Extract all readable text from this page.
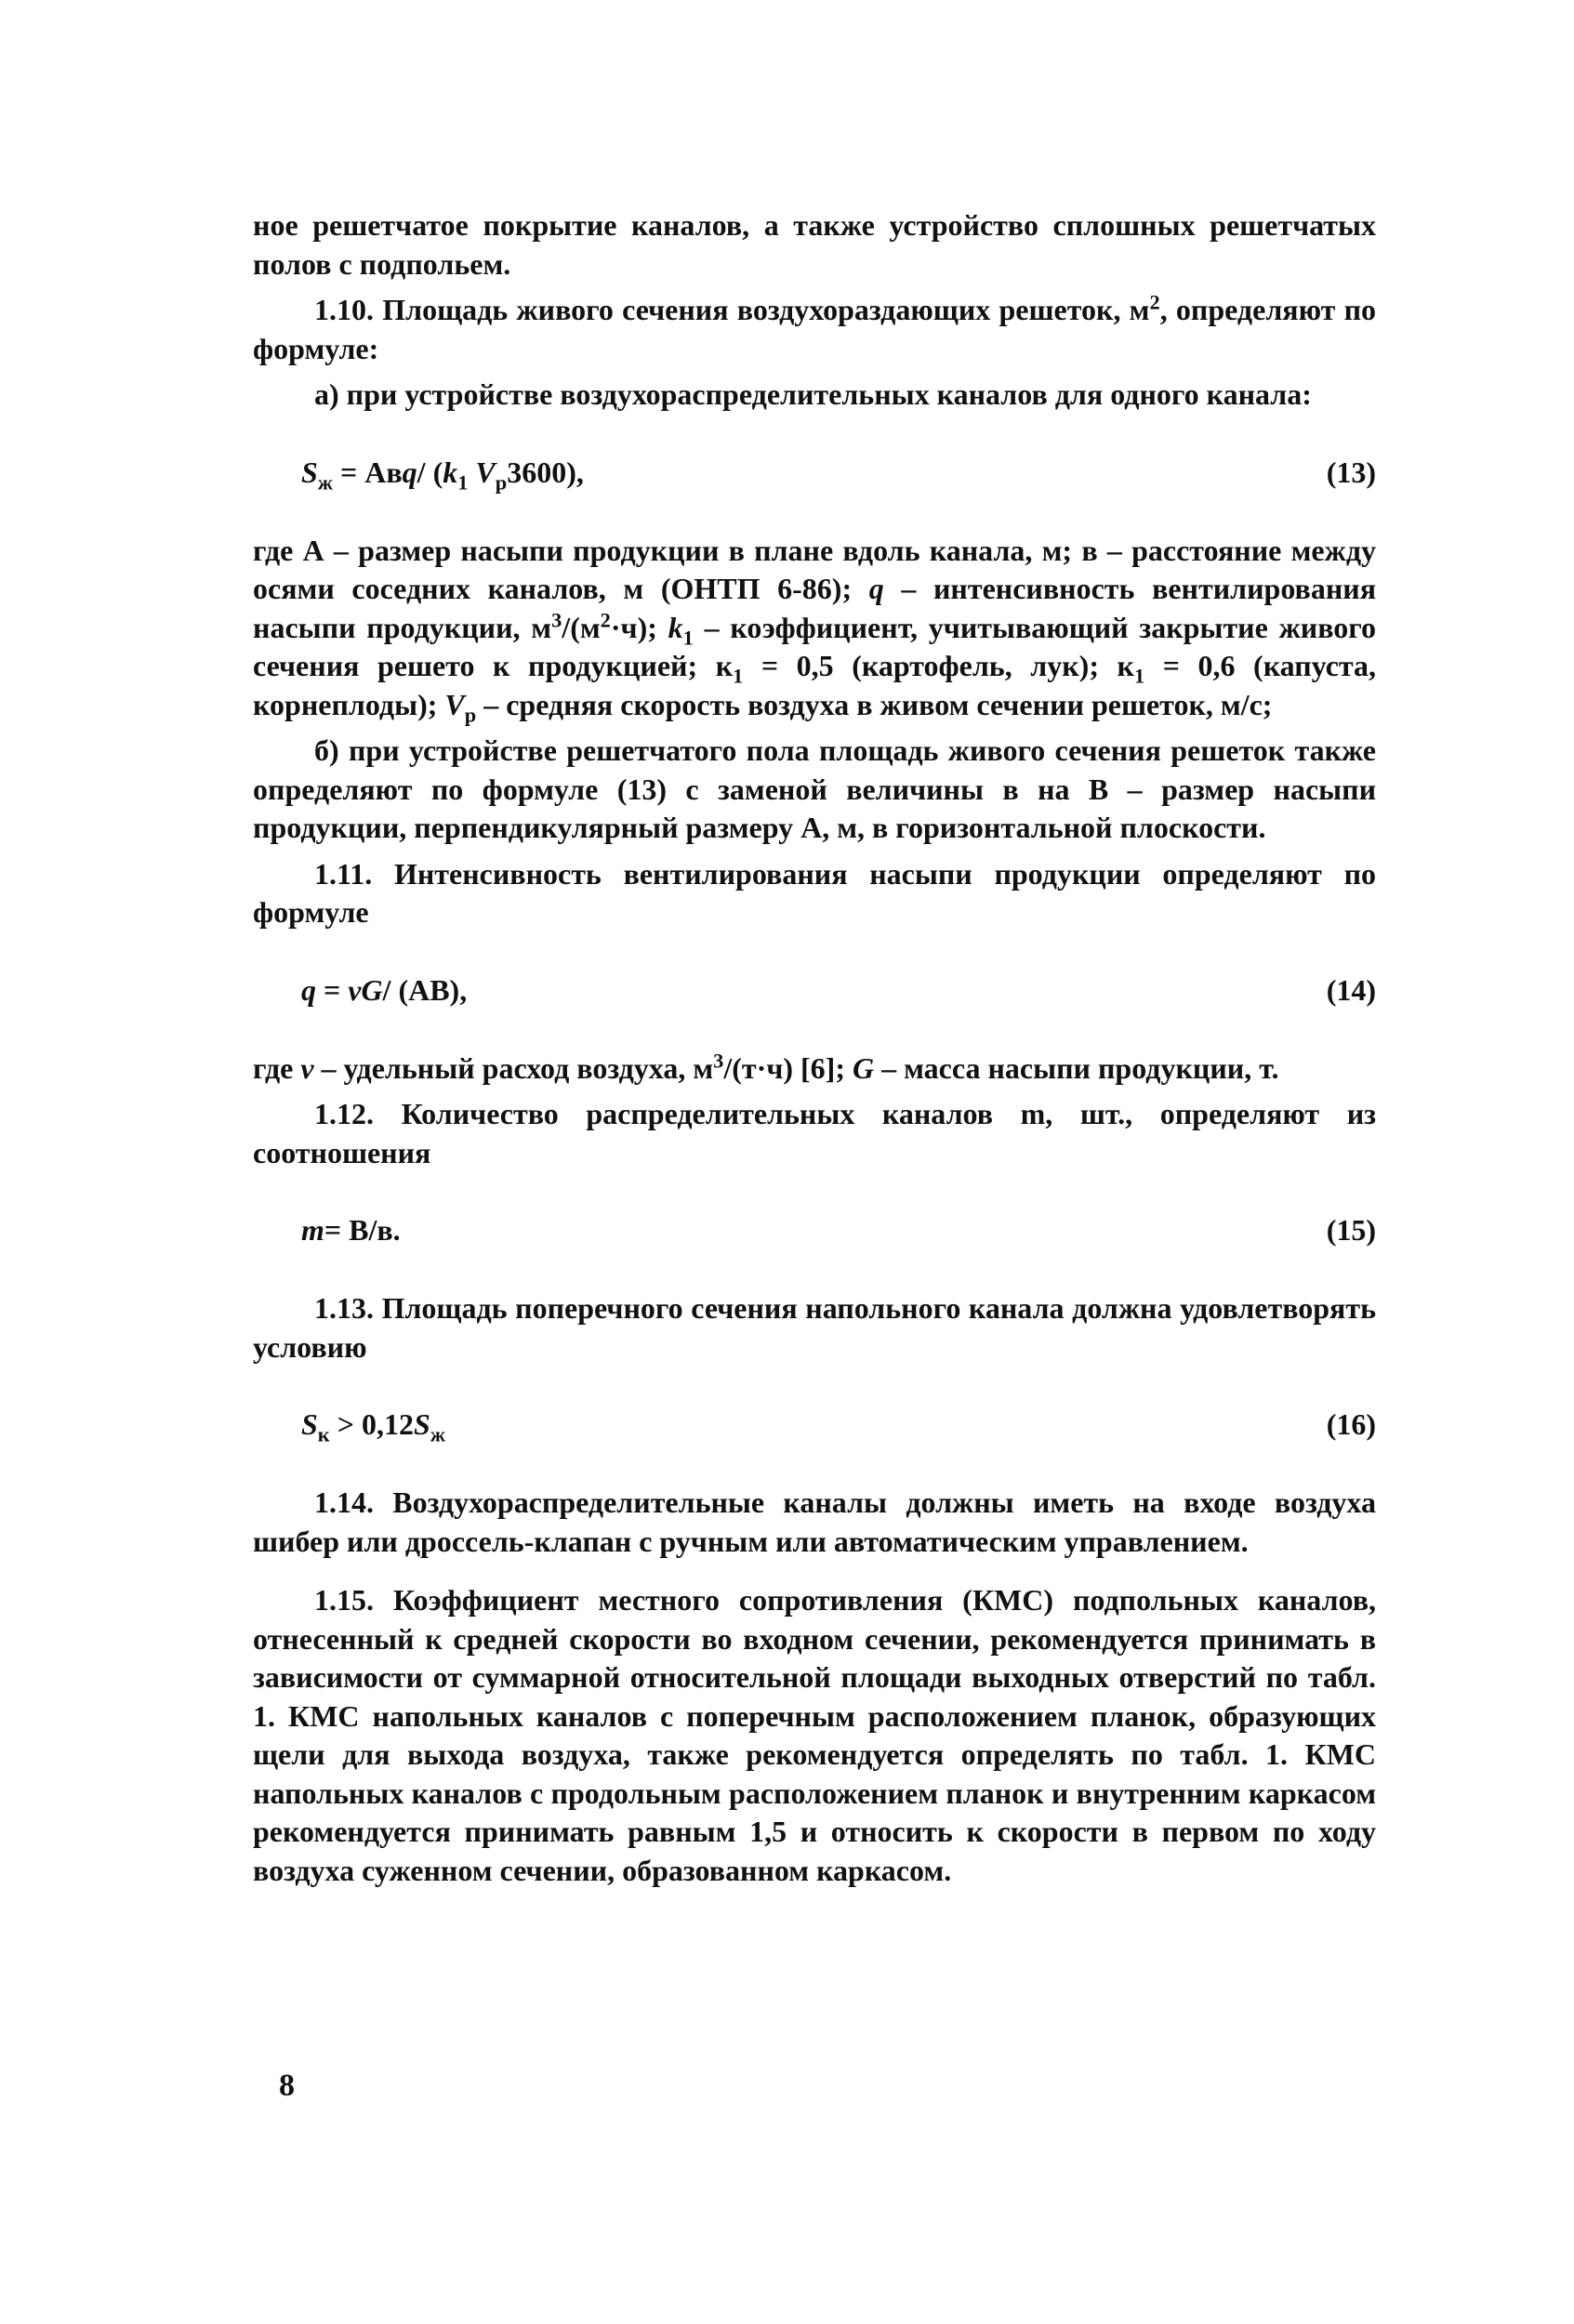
ное решетчатое покрытие каналов, а также устройство сплошных решетчатых полов с подпольем.

1.10. Площадь живого сечения воздухораздающих решеток, $м^2$, определяют по формуле:

а) при устройстве воздухораспределительных каналов для одного канала:

$S_ж = Авq/$ ($k_1$ $V_р3600$),	(13)

где А – размер насыпи продукции в плане вдоль канала, м; в – расстояние между осями соседних каналов, м (ОНТП 6-86); q – интенсивность вентилирования насыпи продукции, $м^3/(м^2\cdot ч)$; $k_1$ – коэффициент, учитывающий закрытие живого сечения решето к продукцией; $к_1 = 0,5$ (картофель, лук); $к_1 = 0,6$ (капуста, корнеплоды); $V_р$ – средняя скорость воздуха в живом сечении решеток, м/с;

б) при устройстве решетчатого пола площадь живого сечения решеток также определяют по формуле (13) с заменой величины в на В – размер насыпи продукции, перпендикулярный размеру А, м, в горизонтальной плоскости.

1.11. Интенсивность вентилирования насыпи продукции определяют по формуле

q = vG/ (АВ),	(14)

где v – удельный расход воздуха, $м^3/(т\cdot ч)$ [6]; G – масса насыпи продукции, т.

1.12. Количество распределительных каналов m, шт., определяют из соотношения

m= В/в.	(15)

1.13. Площадь поперечного сечения напольного канала должна удовлетворять условию

$S_к > 0,12S_ж$	(16)

1.14. Воздухораспределительные каналы должны иметь на входе воздуха шибер или дроссель-клапан с ручным или автоматическим управлением.

1.15. Коэффициент местного сопротивления (КМС) подпольных каналов, отнесенный к средней скорости во входном сечении, рекомендуется принимать в зависимости от суммарной относительной площади выходных отверстий по табл. 1. КМС напольных каналов с поперечным расположением планок, образующих щели для выхода воздуха, также рекомендуется определять по табл. 1. КМС напольных каналов с продольным расположением планок и внутренним каркасом рекомендуется принимать равным 1,5 и относить к скорости в первом по ходу воздуха суженном сечении, образованном каркасом.

8
